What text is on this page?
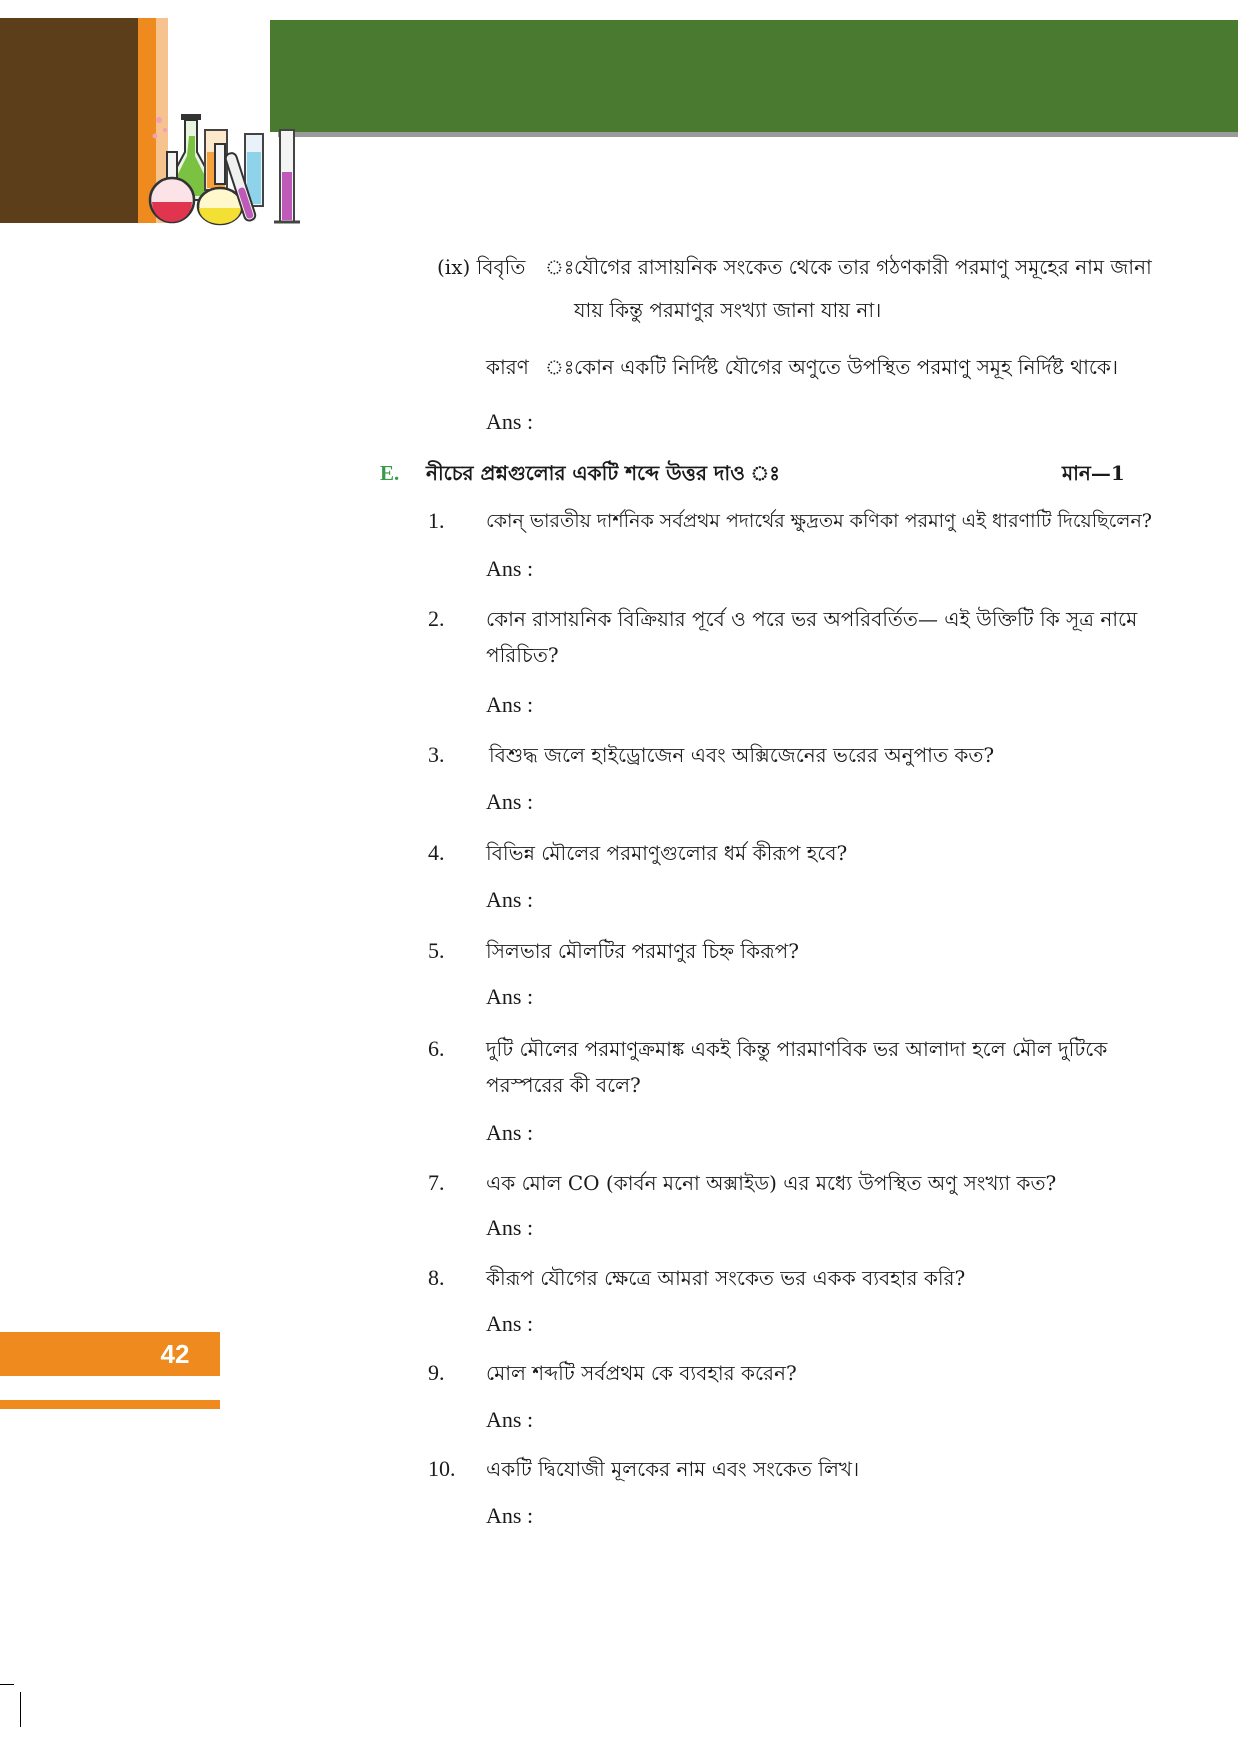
(ix) বিবৃতি ঃ যৌগের রাসায়নিক সংকেত থেকে তার গঠণকারী পরমাণু সমূহের নাম জানা
যায় কিন্তু পরমাণুর সংখ্যা জানা যায় না।
কারণ ঃ কোন একটি নির্দিষ্ট যৌগের অণুতে উপস্থিত পরমাণু সমূহ নির্দিষ্ট থাকে।
Ans :
E. নীচের প্রশ্নগুলোর একটি শব্দে উত্তর দাও ঃ	মান—1
1. কোন্ ভারতীয় দার্শনিক সর্বপ্রথম পদার্থের ক্ষুদ্রতম কণিকা পরমাণু এই ধারণাটি দিয়েছিলেন?
Ans :
2. কোন রাসায়নিক বিক্রিয়ার পূর্বে ও পরে ভর অপরিবর্তিত— এই উক্তিটি কি সূত্র নামে
পরিচিত?
Ans :
3. বিশুদ্ধ জলে হাইড্রোজেন এবং অক্সিজেনের ভরের অনুপাত কত?
Ans :
4. বিভিন্ন মৌলের পরমাণুগুলোর ধর্ম কীরূপ হবে?
Ans :
5. সিলভার মৌলটির পরমাণুর চিহ্ন কিরূপ?
Ans :
6. দুটি মৌলের পরমাণুক্রমাঙ্ক একই কিন্তু পারমাণবিক ভর আলাদা হলে মৌল দুটিকে
পরস্পরের কী বলে?
Ans :
7. এক মোল CO (কার্বন মনো অক্সাইড) এর মধ্যে উপস্থিত অণু সংখ্যা কত?
Ans :
8. কীরূপ যৌগের ক্ষেত্রে আমরা সংকেত ভর একক ব্যবহার করি?
Ans :
9. মোল শব্দটি সর্বপ্রথম কে ব্যবহার করেন?
Ans :
10. একটি দ্বিযোজী মূলকের নাম এবং সংকেত লিখ।
Ans :
42
